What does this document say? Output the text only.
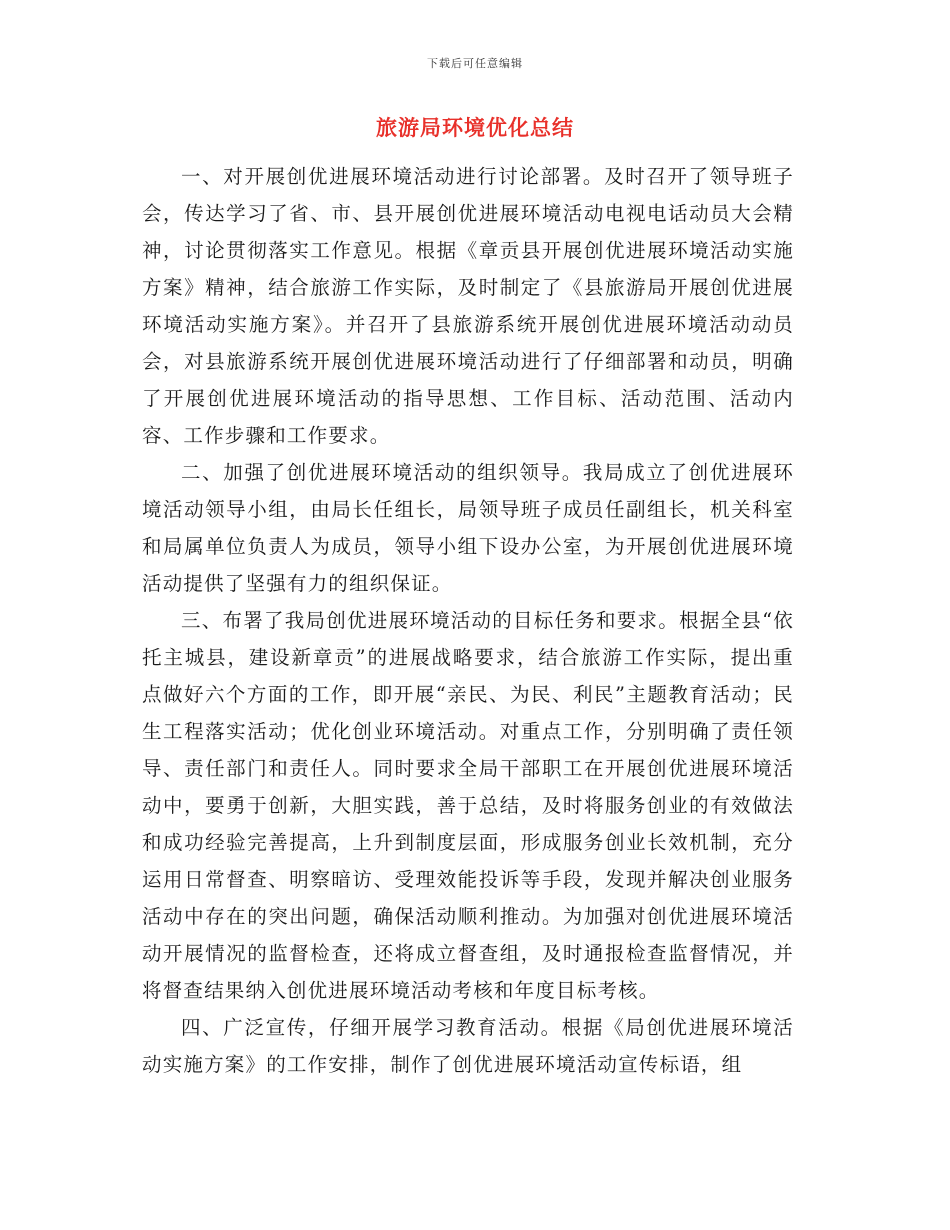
下载后可任意编辑
旅游局环境优化总结

一、对开展创优进展环境活动进行讨论部署。及时召开了领导班子会，传达学习了省、市、县开展创优进展环境活动电视电话动员大会精神，讨论贯彻落实工作意见。根据《章贡县开展创优进展环境活动实施方案》精神，结合旅游工作实际，及时制定了《县旅游局开展创优进展环境活动实施方案》。并召开了县旅游系统开展创优进展环境活动动员会，对县旅游系统开展创优进展环境活动进行了仔细部署和动员，明确了开展创优进展环境活动的指导思想、工作目标、活动范围、活动内容、工作步骤和工作要求。

二、加强了创优进展环境活动的组织领导。我局成立了创优进展环境活动领导小组，由局长任组长，局领导班子成员任副组长，机关科室和局属单位负责人为成员，领导小组下设办公室，为开展创优进展环境活动提供了坚强有力的组织保证。

三、布署了我局创优进展环境活动的目标任务和要求。根据全县“依托主城县，建设新章贡”的进展战略要求，结合旅游工作实际，提出重点做好六个方面的工作，即开展“亲民、为民、利民”主题教育活动；民生工程落实活动；优化创业环境活动。对重点工作，分别明确了责任领导、责任部门和责任人。同时要求全局干部职工在开展创优进展环境活动中，要勇于创新，大胆实践，善于总结，及时将服务创业的有效做法和成功经验完善提高，上升到制度层面，形成服务创业长效机制，充分运用日常督查、明察暗访、受理效能投诉等手段，发现并解决创业服务活动中存在的突出问题，确保活动顺利推动。为加强对创优进展环境活动开展情况的监督检查，还将成立督查组，及时通报检查监督情况，并将督查结果纳入创优进展环境活动考核和年度目标考核。

四、广泛宣传，仔细开展学习教育活动。根据《局创优进展环境活动实施方案》的工作安排，制作了创优进展环境活动宣传标语，组
